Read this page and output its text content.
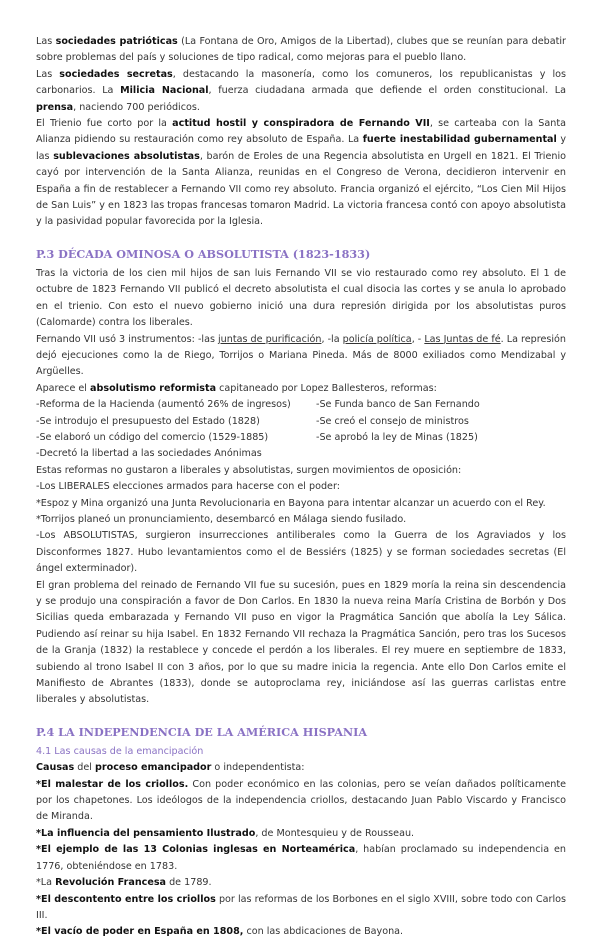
Las sociedades patrióticas (La Fontana de Oro, Amigos de la Libertad), clubes que se reunían para debatir sobre problemas del país y soluciones de tipo radical, como mejoras para el pueblo llano.

Las sociedades secretas, destacando la masonería, como los comuneros, los republicanistas y los carbonarios. La Milicia Nacional, fuerza ciudadana armada que defiende el orden constitucional. La prensa, naciendo 700 periódicos.

El Trienio fue corto por la actitud hostil y conspiradora de Fernando VII, se carteaba con la Santa Alianza pidiendo su restauración como rey absoluto de España. La fuerte inestabilidad gubernamental y las sublevaciones absolutistas, barón de Eroles de una Regencia absolutista en Urgell en 1821. El Trienio cayó por intervención de la Santa Alianza, reunidas en el Congreso de Verona, decidieron intervenir en España a fin de restablecer a Fernando VII como rey absoluto. Francia organizó el ejército, “Los Cien Mil Hijos de San Luis” y en 1823 las tropas francesas tomaron Madrid. La victoria francesa contó con apoyo absolutista y la pasividad popular favorecida por la Iglesia.

P.3 DÉCADA OMINOSA O ABSOLUTISTA (1823-1833)

Tras la victoria de los cien mil hijos de san luis Fernando VII se vio restaurado como rey absoluto. El 1 de octubre de 1823 Fernando VII publicó el decreto absolutista el cual disocia las cortes y se anula lo aprobado en el trienio. Con esto el nuevo gobierno inició una dura represión dirigida por los absolutistas puros (Calomarde) contra los liberales.

Fernando VII usó 3 instrumentos: -las juntas de purificación, -la policía política, - Las Juntas de fé. La represión dejó ejecuciones como la de Riego, Torrijos o Mariana Pineda. Más de 8000 exiliados como Mendizabal y Argüelles.

Aparece el absolutismo reformista capitaneado por Lopez Ballesteros, reformas:

-Reforma de la Hacienda (aumentó 26% de ingresos)	-Se Funda banco de San Fernando
-Se introdujo el presupuesto del Estado (1828)	-Se creó el consejo de ministros
-Se elaboró un código del comercio (1529-1885)	-Se aprobó la ley de Minas (1825)

-Decretó la libertad a las sociedades Anónimas

Estas reformas no gustaron a liberales y absolutistas, surgen movimientos de oposición:

-Los LIBERALES elecciones armados para hacerse con el poder:

*Espoz y Mina organizó una Junta Revolucionaria en Bayona para intentar alcanzar un acuerdo con el Rey.

*Torrijos planeó un pronunciamiento, desembarcó en Málaga siendo fusilado.

-Los ABSOLUTISTAS, surgieron insurrecciones antiliberales como la Guerra de los Agraviados y los Disconformes 1827. Hubo levantamientos como el de Bessiérs (1825) y se forman sociedades secretas (El ángel exterminador).

El gran problema del reinado de Fernando VII fue su sucesión, pues en 1829 moría la reina sin descendencia y se produjo una conspiración a favor de Don Carlos. En 1830 la nueva reina María Cristina de Borbón y Dos Sicilias queda embarazada y Fernando VII puso en vigor la Pragmática Sanción que abolía la Ley Sálica. Pudiendo así reinar su hija Isabel. En 1832 Fernando VII rechaza la Pragmática Sanción, pero tras los Sucesos de la Granja (1832) la restablece y concede el perdón a los liberales. El rey muere en septiembre de 1833, subiendo al trono Isabel II con 3 años, por lo que su madre inicia la regencia. Ante ello Don Carlos emite el Manifiesto de Abrantes (1833), donde se autoproclama rey, iniciándose así las guerras carlistas entre liberales y absolutistas.

P.4 LA INDEPENDENCIA DE LA AMÉRICA HISPANIA

4.1 Las causas de la emancipación

Causas del proceso emancipador o independentista:

*El malestar de los criollos. Con poder económico en las colonias, pero se veían dañados políticamente por los chapetones. Los ideólogos de la independencia criollos, destacando Juan Pablo Viscardo y Francisco de Miranda.

*La influencia del pensamiento Ilustrado, de Montesquieu y de Rousseau.

*El ejemplo de las 13 Colonias inglesas en Norteamérica, habían proclamado su independencia en 1776, obteniéndose en 1783.

*La Revolución Francesa de 1789.

*El descontento entre los criollos por las reformas de los Borbones en el siglo XVIII, sobre todo con Carlos III.

*El vacío de poder en España en 1808, con las abdicaciones de Bayona.
